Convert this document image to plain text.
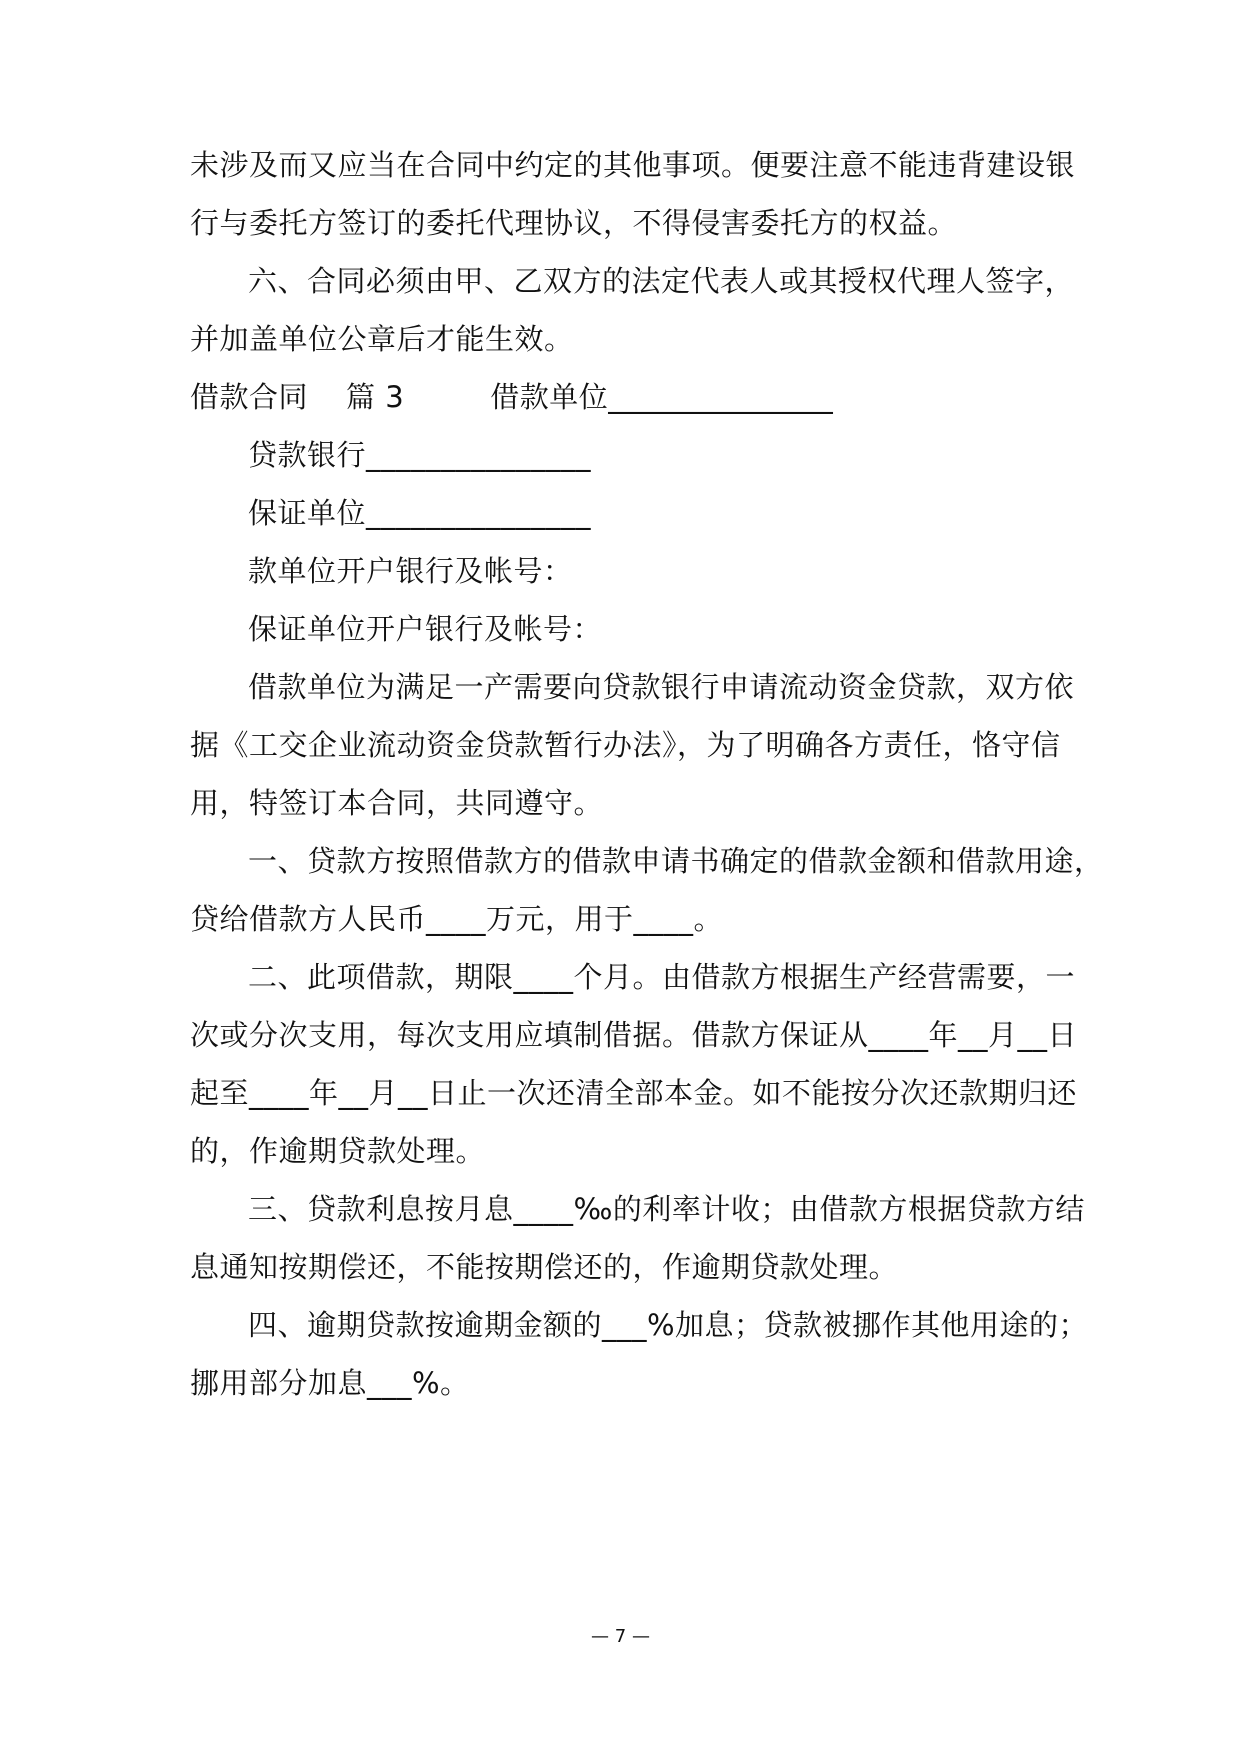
未涉及而又应当在合同中约定的其他事项。便要注意不能违背建设银
行与委托方签订的委托代理协议，不得侵害委托方的权益。
六、合同必须由甲、乙双方的法定代表人或其授权代理人签字，
并加盖单位公章后才能生效。
借款合同 篇 3	借款单位_______________
贷款银行_______________
保证单位_______________
款单位开户银行及帐号：
保证单位开户银行及帐号：
借款单位为满足一产需要向贷款银行申请流动资金贷款，双方依
据《工交企业流动资金贷款暂行办法》，为了明确各方责任，恪守信
用，特签订本合同，共同遵守。
一、贷款方按照借款方的借款申请书确定的借款金额和借款用途，
贷给借款方人民币____万元，用于____。
二、此项借款，期限____个月。由借款方根据生产经营需要，一
次或分次支用，每次支用应填制借据。借款方保证从____年__月__日
起至____年__月__日止一次还清全部本金。如不能按分次还款期归还
的，作逾期贷款处理。
三、贷款利息按月息____‰的利率计收；由借款方根据贷款方结
息通知按期偿还，不能按期偿还的，作逾期贷款处理。
四、逾期贷款按逾期金额的___%加息；贷款被挪作其他用途的；
挪用部分加息___%。
— 7 —
